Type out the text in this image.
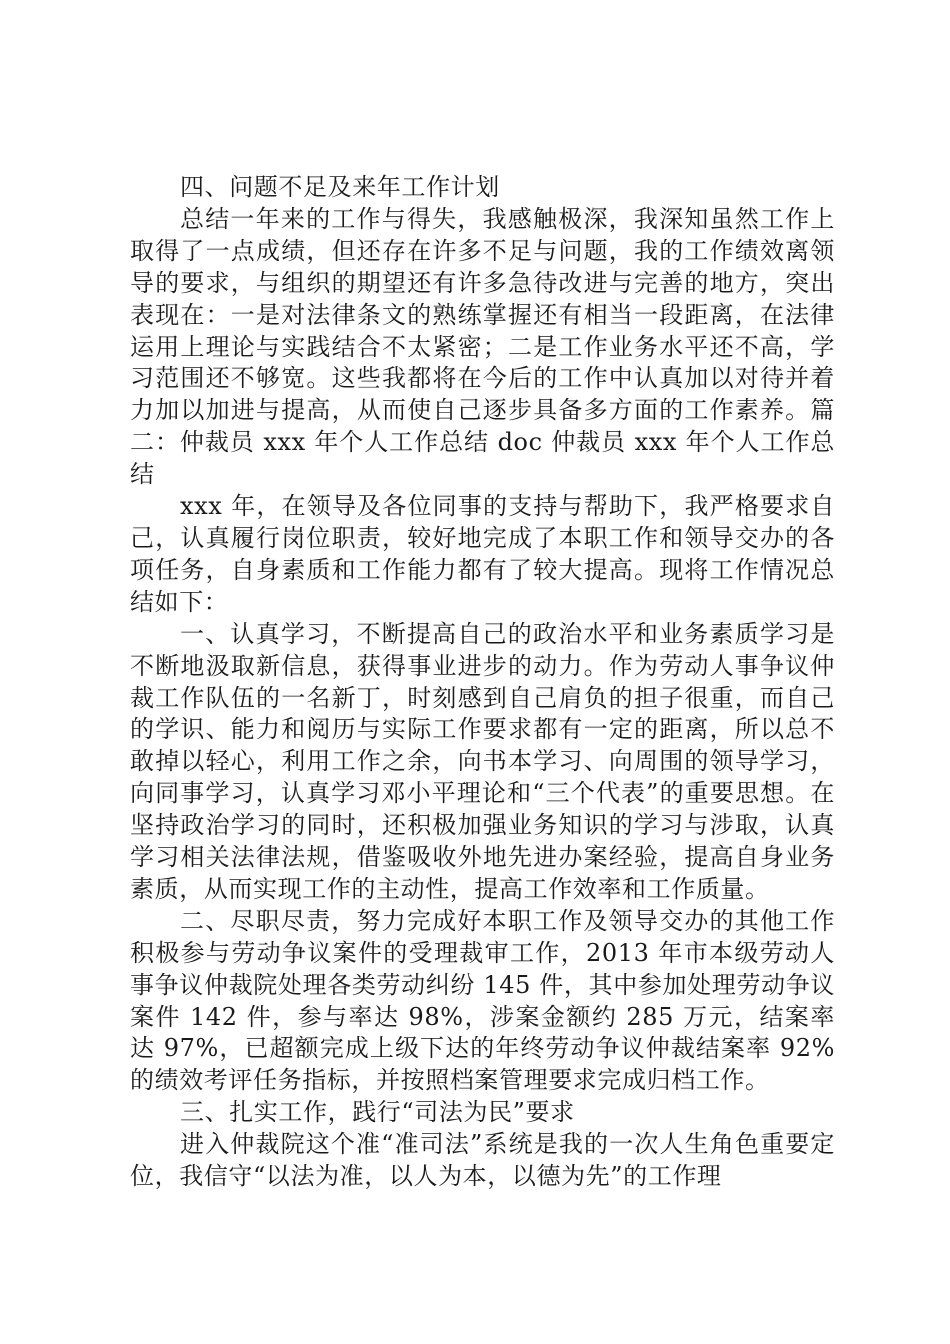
四、问题不足及来年工作计划

总结一年来的工作与得失，我感触极深，我深知虽然工作上取得了一点成绩，但还存在许多不足与问题，我的工作绩效离领导的要求，与组织的期望还有许多急待改进与完善的地方，突出表现在：一是对法律条文的熟练掌握还有相当一段距离，在法律运用上理论与实践结合不太紧密；二是工作业务水平还不高，学习范围还不够宽。这些我都将在今后的工作中认真加以对待并着力加以加进与提高，从而使自己逐步具备多方面的工作素养。篇二：仲裁员 xxx 年个人工作总结 doc 仲裁员 xxx 年个人工作总结

xxx 年，在领导及各位同事的支持与帮助下，我严格要求自己，认真履行岗位职责，较好地完成了本职工作和领导交办的各项任务，自身素质和工作能力都有了较大提高。现将工作情况总结如下：

一、认真学习，不断提高自己的政治水平和业务素质学习是不断地汲取新信息，获得事业进步的动力。作为劳动人事争议仲裁工作队伍的一名新丁，时刻感到自己肩负的担子很重，而自己的学识、能力和阅历与实际工作要求都有一定的距离，所以总不敢掉以轻心，利用工作之余，向书本学习、向周围的领导学习，向同事学习，认真学习邓小平理论和“三个代表”的重要思想。在坚持政治学习的同时，还积极加强业务知识的学习与涉取，认真学习相关法律法规，借鉴吸收外地先进办案经验，提高自身业务素质，从而实现工作的主动性，提高工作效率和工作质量。

二、尽职尽责，努力完成好本职工作及领导交办的其他工作积极参与劳动争议案件的受理裁审工作，2013 年市本级劳动人事争议仲裁院处理各类劳动纠纷 145 件，其中参加处理劳动争议案件 142 件，参与率达 98%，涉案金额约 285 万元，结案率达 97%，已超额完成上级下达的年终劳动争议仲裁结案率 92%的绩效考评任务指标，并按照档案管理要求完成归档工作。

三、扎实工作，践行“司法为民”要求

进入仲裁院这个准“准司法”系统是我的一次人生角色重要定位，我信守“以法为准，以人为本，以德为先”的工作理
